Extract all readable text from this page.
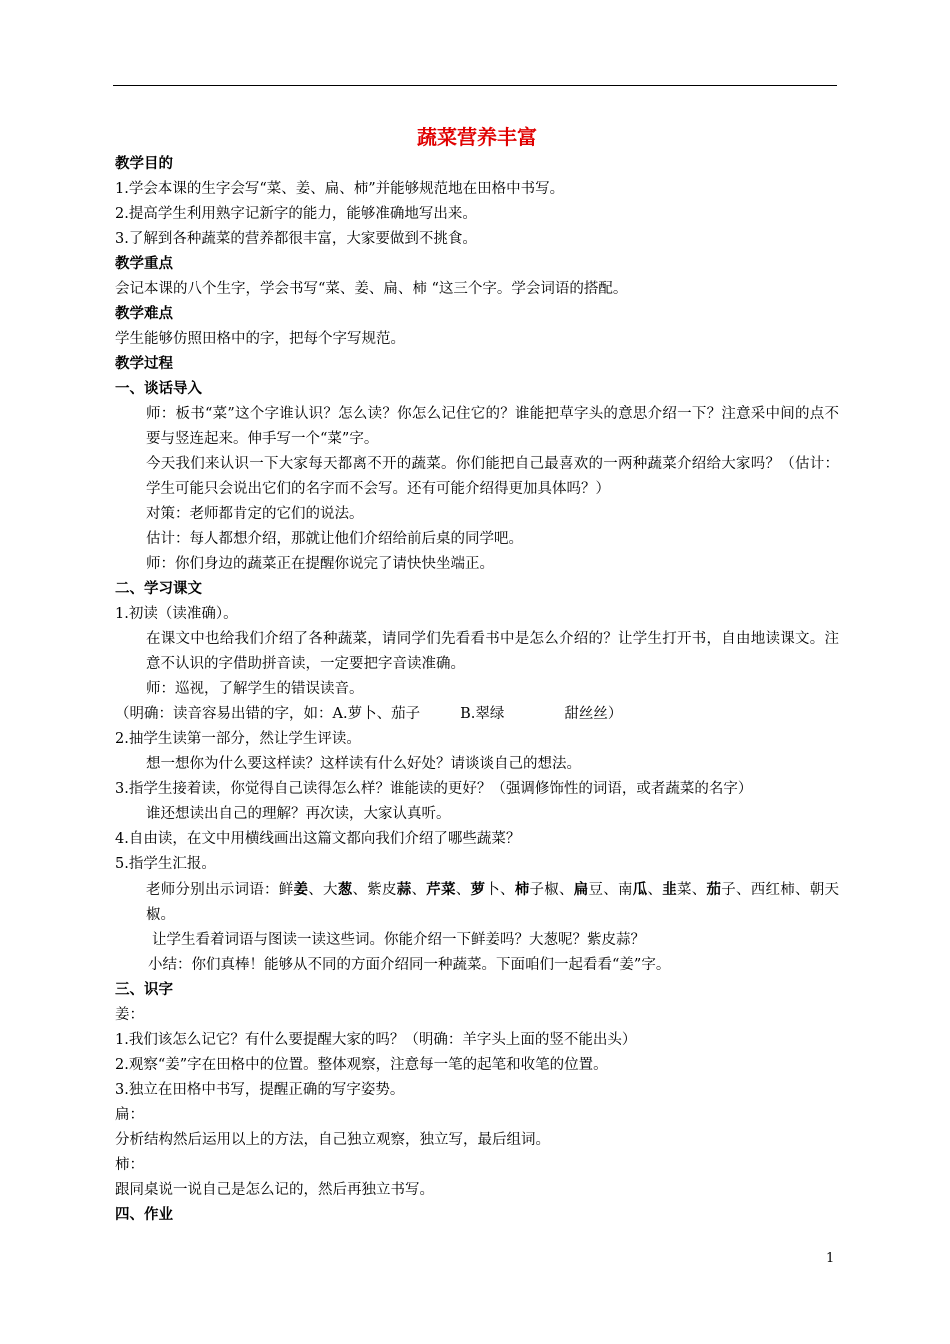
蔬菜营养丰富
教学目的
1.学会本课的生字会写“菜、姜、扁、柿”并能够规范地在田格中书写。
2.提高学生利用熟字记新字的能力，能够准确地写出来。
3.了解到各种蔬菜的营养都很丰富，大家要做到不挑食。
教学重点
会记本课的八个生字，学会书写“菜、姜、扁、柿 “这三个字。学会词语的搭配。
教学难点
学生能够仿照田格中的字，把每个字写规范。
教学过程
一、谈话导入
师：板书“菜”这个字谁认识？怎么读？你怎么记住它的？谁能把草字头的意思介绍一下？注意采中间的点不要与竖连起来。伸手写一个“菜”字。
今天我们来认识一下大家每天都离不开的蔬菜。你们能把自己最喜欢的一两种蔬菜介绍给大家吗？（估计：学生可能只会说出它们的名字而不会写。还有可能介绍得更加具体吗？）
对策：老师都肯定的它们的说法。
估计：每人都想介绍，那就让他们介绍给前后桌的同学吧。
师：你们身边的蔬菜正在提醒你说完了请快快坐端正。
二、学习课文
1.初读（读准确）。
在课文中也给我们介绍了各种蔬菜，请同学们先看看书中是怎么介绍的？让学生打开书，自由地读课文。注意不认识的字借助拼音读，一定要把字音读准确。
师：巡视，了解学生的错误读音。
（明确：读音容易出错的字，如：A.萝卜、茄子	B.翠绿	甜丝丝）
2.抽学生读第一部分，然让学生评读。
想一想你为什么要这样读？这样读有什么好处？请谈谈自己的想法。
3.指学生接着读，你觉得自己读得怎么样？谁能读的更好？（强调修饰性的词语，或者蔬菜的名字）
谁还想读出自己的理解？再次读，大家认真听。
4.自由读，在文中用横线画出这篇文都向我们介绍了哪些蔬菜？
5.指学生汇报。
老师分别出示词语：鲜姜、大葱、紫皮蒜、芹菜、萝卜、柿子椒、扁豆、南瓜、韭菜、茄子、西红柿、朝天椒。
让学生看着词语与图读一读这些词。你能介绍一下鲜姜吗？大葱呢？紫皮蒜？
小结：你们真棒！能够从不同的方面介绍同一种蔬菜。下面咱们一起看看“姜”字。
三、识字
姜：
1.我们该怎么记它？有什么要提醒大家的吗？（明确：羊字头上面的竖不能出头）
2.观察“姜”字在田格中的位置。整体观察，注意每一笔的起笔和收笔的位置。
3.独立在田格中书写，提醒正确的写字姿势。
扁：
分析结构然后运用以上的方法，自己独立观察，独立写，最后组词。
柿：
跟同桌说一说自己是怎么记的，然后再独立书写。
四、作业
1
